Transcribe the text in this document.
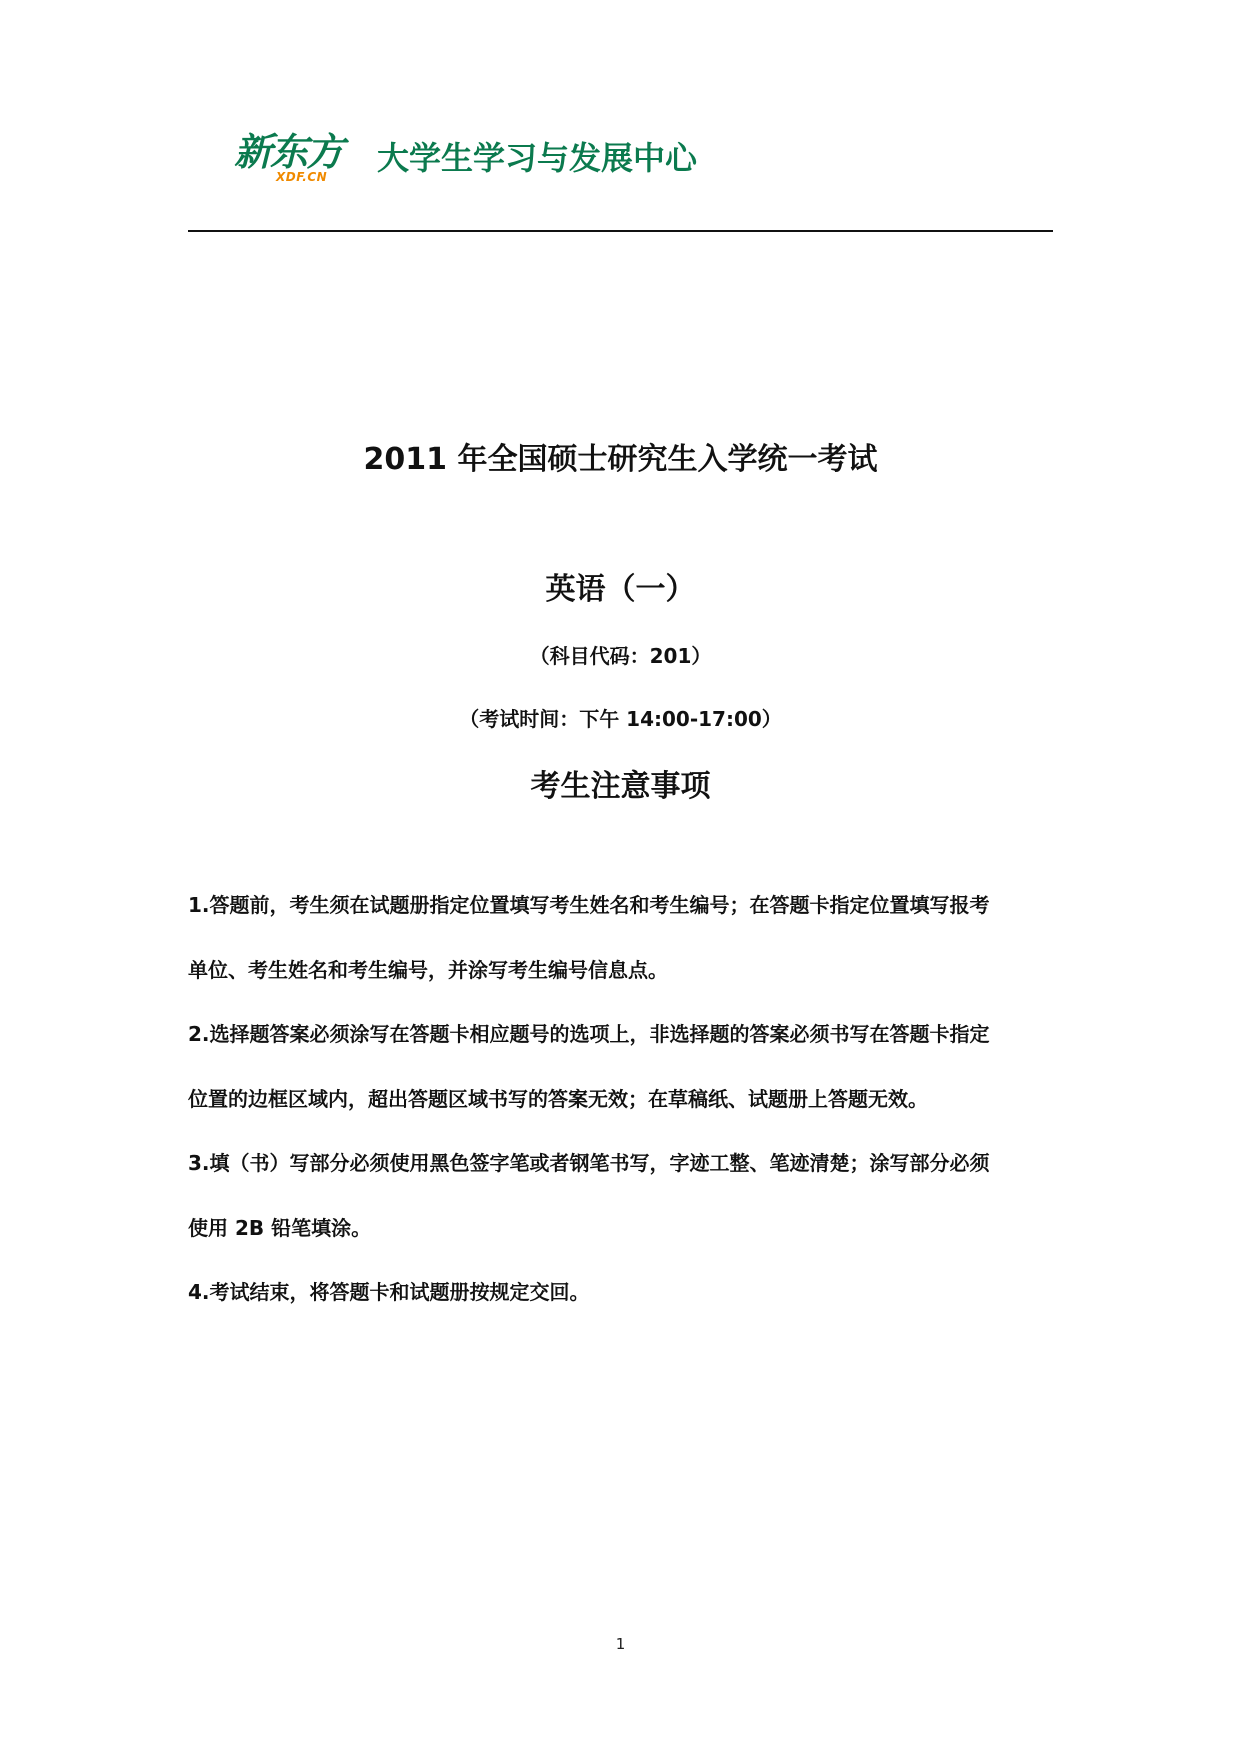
新东方
XDF.CN 大学生学习与发展中心
2011 年全国硕士研究生入学统一考试
英语（一）
（科目代码：201）
（考试时间：下午 14:00-17:00）
考生注意事项
1.答题前，考生须在试题册指定位置填写考生姓名和考生编号；在答题卡指定位置填写报考
单位、考生姓名和考生编号，并涂写考生编号信息点。
2.选择题答案必须涂写在答题卡相应题号的选项上，非选择题的答案必须书写在答题卡指定
位置的边框区域内，超出答题区域书写的答案无效；在草稿纸、试题册上答题无效。
3.填（书）写部分必须使用黑色签字笔或者钢笔书写，字迹工整、笔迹清楚；涂写部分必须
使用 2B 铅笔填涂。
4.考试结束，将答题卡和试题册按规定交回。
1
